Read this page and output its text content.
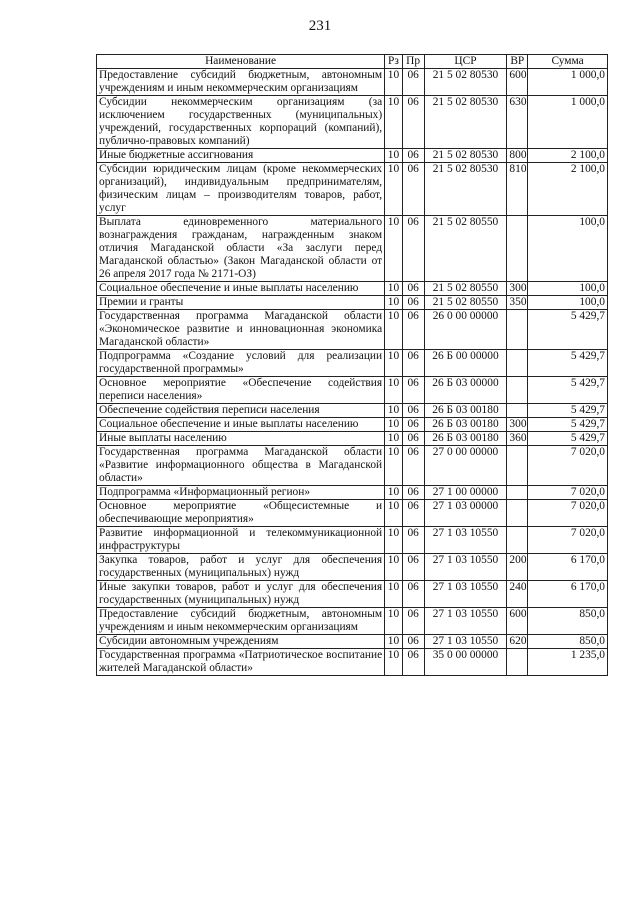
231
Наименование	Рз	Пр	ЦСР	ВР	Сумма
Предоставление субсидий бюджетным, автономным учреждениям и иным некоммерческим организациям	10	06	21 5 02 80530	600	1 000,0
Субсидии некоммерческим организациям (за исключением государственных (муниципальных) учреждений, государственных корпораций (компаний), публично-правовых компаний)	10	06	21 5 02 80530	630	1 000,0
Иные бюджетные ассигнования	10	06	21 5 02 80530	800	2 100,0
Субсидии юридическим лицам (кроме некоммерческих организаций), индивидуальным предпринимателям, физическим лицам – производителям товаров, работ, услуг	10	06	21 5 02 80530	810	2 100,0
Выплата единовременного материального вознаграждения гражданам, награжденным знаком отличия Магаданской области «За заслуги перед Магаданской областью» (Закон Магаданской области от 26 апреля 2017 года № 2171-ОЗ)	10	06	21 5 02 80550		100,0
Социальное обеспечение и иные выплаты населению	10	06	21 5 02 80550	300	100,0
Премии и гранты	10	06	21 5 02 80550	350	100,0
Государственная программа Магаданской области «Экономическое развитие и инновационная экономика Магаданской области»	10	06	26 0 00 00000		5 429,7
Подпрограмма «Создание условий для реализации государственной программы»	10	06	26 Б 00 00000		5 429,7
Основное мероприятие «Обеспечение содействия переписи населения»	10	06	26 Б 03 00000		5 429,7
Обеспечение содействия переписи населения	10	06	26 Б 03 00180		5 429,7
Социальное обеспечение и иные выплаты населению	10	06	26 Б 03 00180	300	5 429,7
Иные выплаты населению	10	06	26 Б 03 00180	360	5 429,7
Государственная программа Магаданской области «Развитие информационного общества в Магаданской области»	10	06	27 0 00 00000		7 020,0
Подпрограмма «Информационный регион»	10	06	27 1 00 00000		7 020,0
Основное мероприятие «Общесистемные и обеспечивающие мероприятия»	10	06	27 1 03 00000		7 020,0
Развитие информационной и телекоммуникационной инфраструктуры	10	06	27 1 03 10550		7 020,0
Закупка товаров, работ и услуг для обеспечения государственных (муниципальных) нужд	10	06	27 1 03 10550	200	6 170,0
Иные закупки товаров, работ и услуг для обеспечения государственных (муниципальных) нужд	10	06	27 1 03 10550	240	6 170,0
Предоставление субсидий бюджетным, автономным учреждениям и иным некоммерческим организациям	10	06	27 1 03 10550	600	850,0
Субсидии автономным учреждениям	10	06	27 1 03 10550	620	850,0
Государственная программа «Патриотическое воспитание жителей Магаданской области»	10	06	35 0 00 00000		1 235,0
